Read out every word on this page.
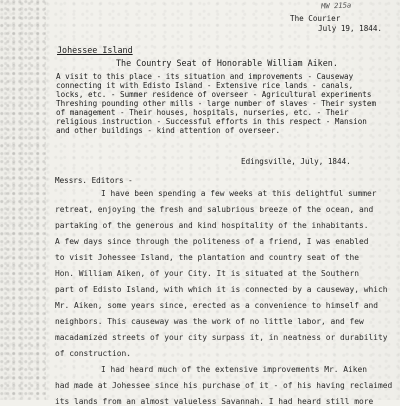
MW 215a
The Courier
July 19, 1844.
Johessee Island
The Country Seat of Honorable William Aiken.
A visit to this place - its situation and improvements - Causeway
connecting it with Edisto Island - Extensive rice lands - canals,
locks, etc. - Summer residence of overseer - Agricultural experiments
Threshing pounding other mills - large number of slaves - Their system
of management - Their houses, hospitals, nurseries, etc. - Their
religious instruction - Successful efforts in this respect - Mansion
and other buildings - kind attention of overseer.
Edingsville, July, 1844.
Messrs. Editors -
I have been spending a few weeks at this delightful summer
retreat, enjoying the fresh and salubrious breeze of the ocean, and
partaking of the generous and kind hospitality of the inhabitants.
A few days since through the politeness of a friend, I was enabled
to visit Johessee Island, the plantation and country seat of the
Hon. William Aiken, of your City. It is situated at the Southern
part of Edisto Island, with which it is connected by a causeway, which
Mr. Aiken, some years since, erected as a convenience to himself and
neighbors. This causeway was the work of no little labor, and few
macadamized streets of your city surpass it, in neatness or durability
of construction.
I had heard much of the extensive improvements Mr. Aiken
had made at Johessee since his purchase of it - of his having reclaimed
its lands from an almost valueless Savannah. I had heard still more
